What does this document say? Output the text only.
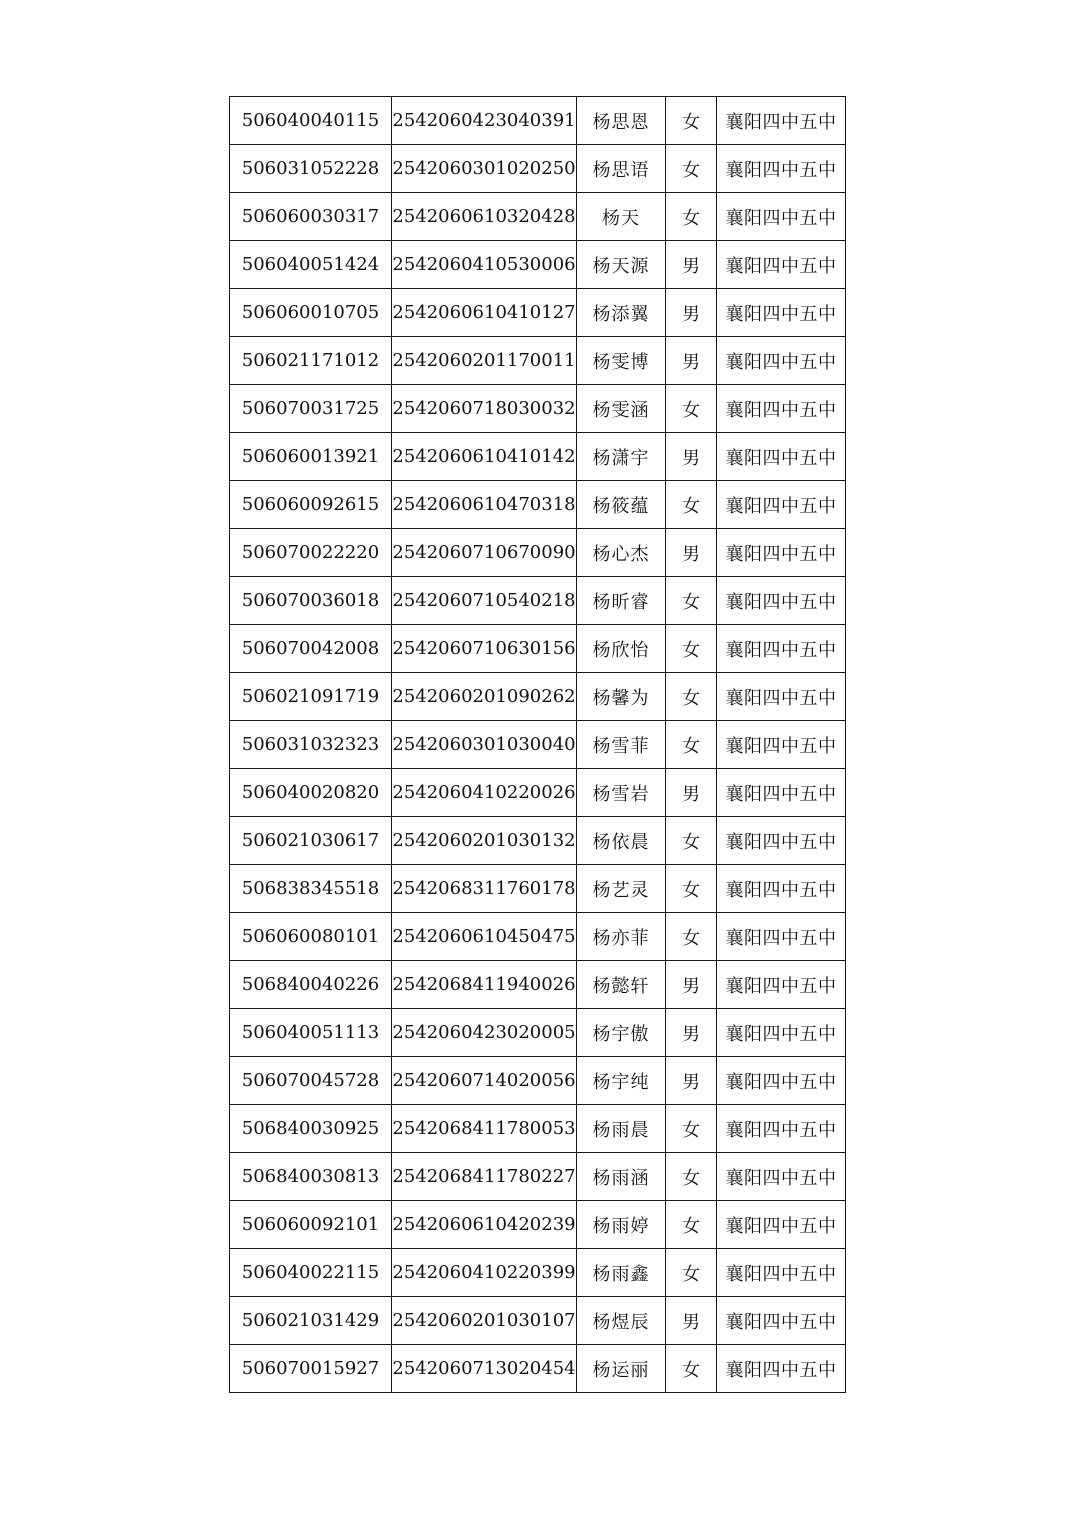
506040040115	2542060423040391	杨思恩	女	襄阳四中五中
506031052228	2542060301020250	杨思语	女	襄阳四中五中
506060030317	2542060610320428	杨天	女	襄阳四中五中
506040051424	2542060410530006	杨天源	男	襄阳四中五中
506060010705	2542060610410127	杨添翼	男	襄阳四中五中
506021171012	2542060201170011	杨雯博	男	襄阳四中五中
506070031725	2542060718030032	杨雯涵	女	襄阳四中五中
506060013921	2542060610410142	杨潇宇	男	襄阳四中五中
506060092615	2542060610470318	杨筱蕴	女	襄阳四中五中
506070022220	2542060710670090	杨心杰	男	襄阳四中五中
506070036018	2542060710540218	杨昕睿	女	襄阳四中五中
506070042008	2542060710630156	杨欣怡	女	襄阳四中五中
506021091719	2542060201090262	杨馨为	女	襄阳四中五中
506031032323	2542060301030040	杨雪菲	女	襄阳四中五中
506040020820	2542060410220026	杨雪岩	男	襄阳四中五中
506021030617	2542060201030132	杨依晨	女	襄阳四中五中
506838345518	2542068311760178	杨艺灵	女	襄阳四中五中
506060080101	2542060610450475	杨亦菲	女	襄阳四中五中
506840040226	2542068411940026	杨懿轩	男	襄阳四中五中
506040051113	2542060423020005	杨宇傲	男	襄阳四中五中
506070045728	2542060714020056	杨宇纯	男	襄阳四中五中
506840030925	2542068411780053	杨雨晨	女	襄阳四中五中
506840030813	2542068411780227	杨雨涵	女	襄阳四中五中
506060092101	2542060610420239	杨雨婷	女	襄阳四中五中
506040022115	2542060410220399	杨雨鑫	女	襄阳四中五中
506021031429	2542060201030107	杨煜辰	男	襄阳四中五中
506070015927	2542060713020454	杨运丽	女	襄阳四中五中
